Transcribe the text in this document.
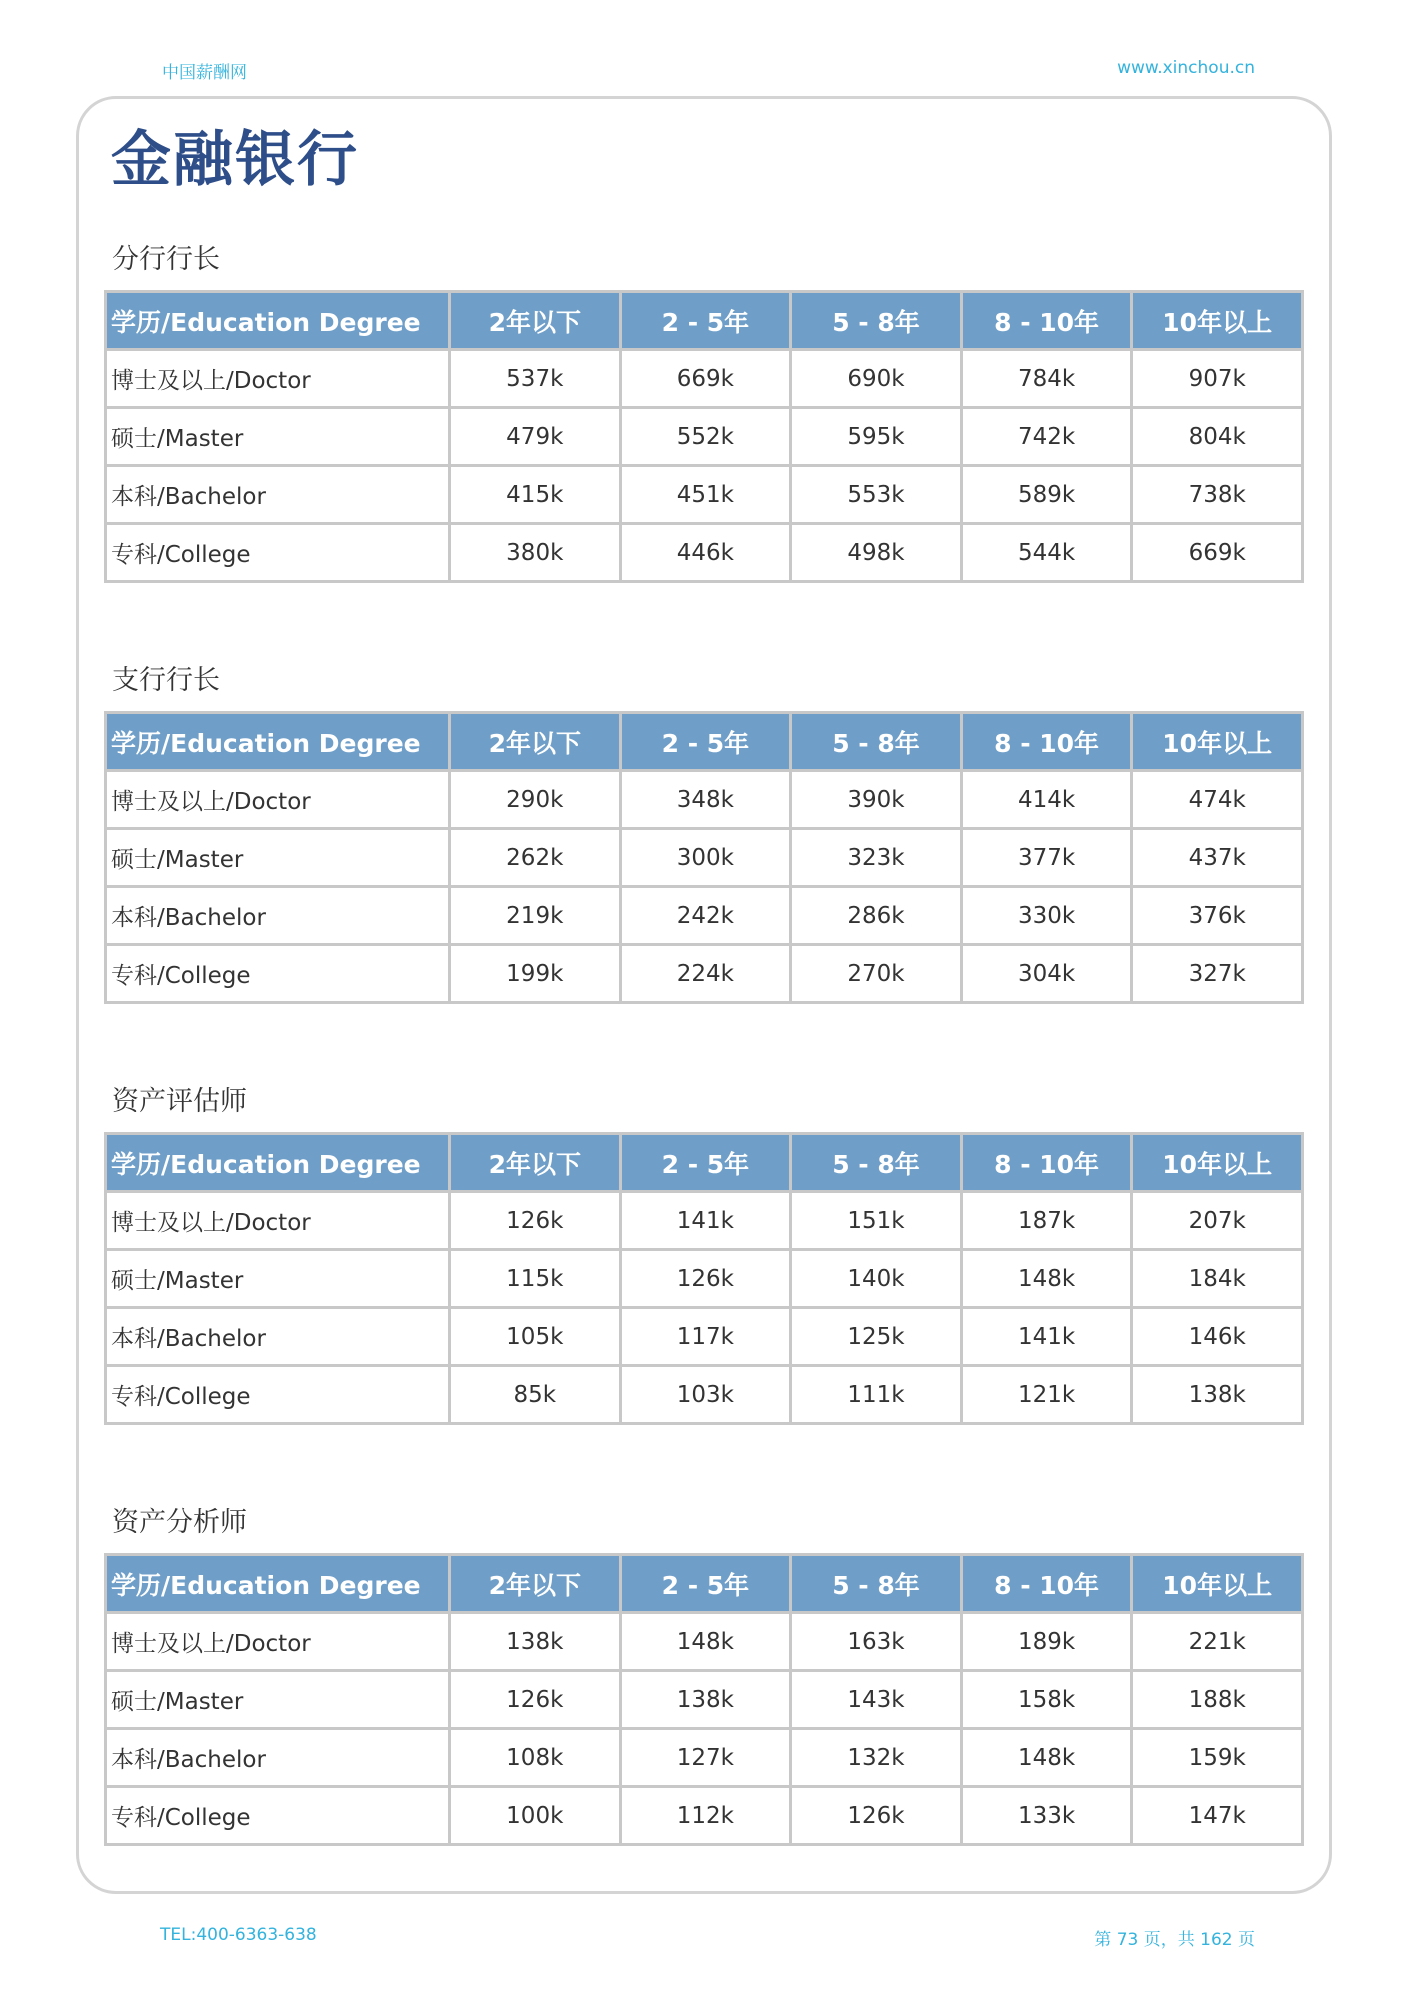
中国薪酬网	www.xinchou.cn
金融银行
分行行长
学历/Education Degree	2年以下	2 - 5年	5 - 8年	8 - 10年	10年以上
博士及以上/Doctor	537k	669k	690k	784k	907k
硕士/Master	479k	552k	595k	742k	804k
本科/Bachelor	415k	451k	553k	589k	738k
专科/College	380k	446k	498k	544k	669k
支行行长
学历/Education Degree	2年以下	2 - 5年	5 - 8年	8 - 10年	10年以上
博士及以上/Doctor	290k	348k	390k	414k	474k
硕士/Master	262k	300k	323k	377k	437k
本科/Bachelor	219k	242k	286k	330k	376k
专科/College	199k	224k	270k	304k	327k
资产评估师
学历/Education Degree	2年以下	2 - 5年	5 - 8年	8 - 10年	10年以上
博士及以上/Doctor	126k	141k	151k	187k	207k
硕士/Master	115k	126k	140k	148k	184k
本科/Bachelor	105k	117k	125k	141k	146k
专科/College	85k	103k	111k	121k	138k
资产分析师
学历/Education Degree	2年以下	2 - 5年	5 - 8年	8 - 10年	10年以上
博士及以上/Doctor	138k	148k	163k	189k	221k
硕士/Master	126k	138k	143k	158k	188k
本科/Bachelor	108k	127k	132k	148k	159k
专科/College	100k	112k	126k	133k	147k
TEL:400-6363-638	第 73 页，共 162 页
